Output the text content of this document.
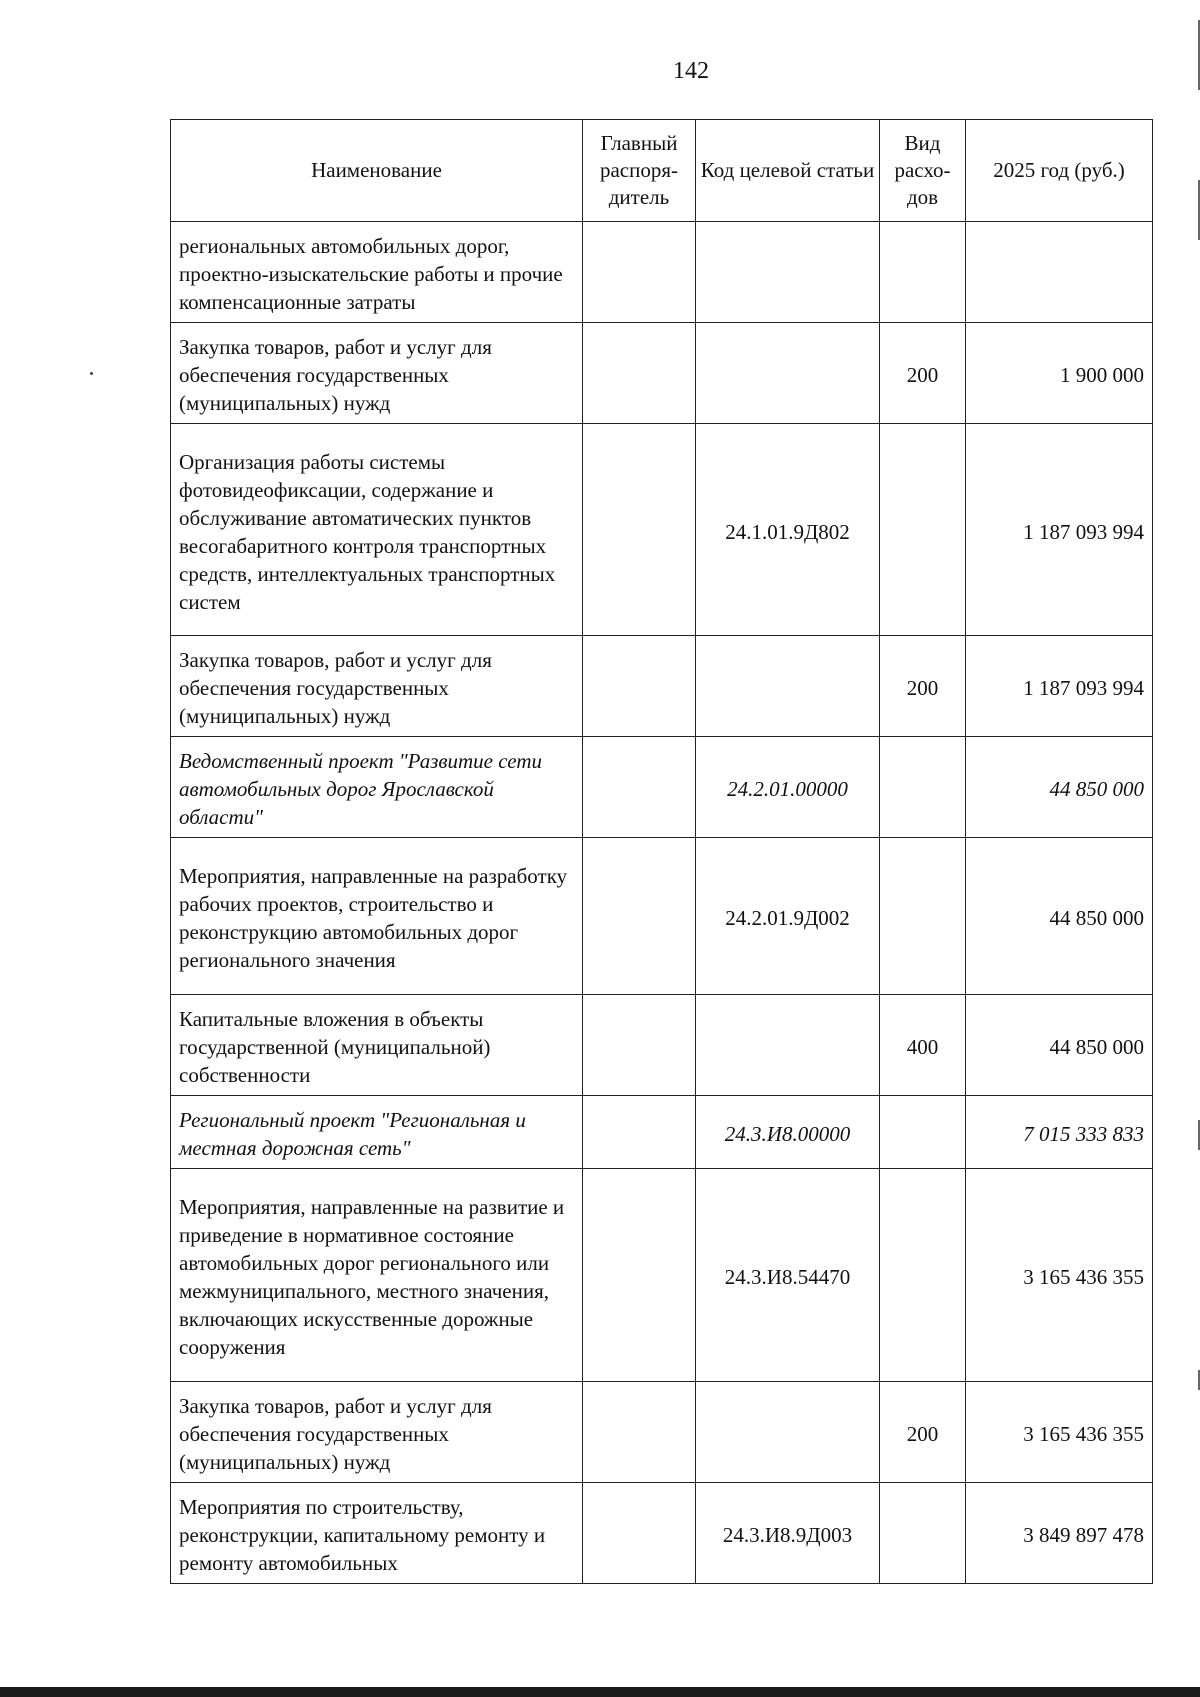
142
Наименование	Главный распоря-дитель	Код целевой статьи	Вид расхо-дов	2025 год (руб.)
региональных автомобильных дорог, проектно-изыскательские работы и прочие компенсационные затраты				
Закупка товаров, работ и услуг для обеспечения государственных (муниципальных) нужд			200	1 900 000
Организация работы системы фотовидеофиксации, содержание и обслуживание автоматических пунктов весогабаритного контроля транспортных средств, интеллектуальных транспортных систем		24.1.01.9Д802		1 187 093 994
Закупка товаров, работ и услуг для обеспечения государственных (муниципальных) нужд			200	1 187 093 994
Ведомственный проект "Развитие сети автомобильных дорог Ярославской области"		24.2.01.00000		44 850 000
Мероприятия, направленные на разработку рабочих проектов, строительство и реконструкцию автомобильных дорог регионального значения		24.2.01.9Д002		44 850 000
Капитальные вложения в объекты государственной (муниципальной) собственности			400	44 850 000
Региональный проект "Региональная и местная дорожная сеть"		24.3.И8.00000		7 015 333 833
Мероприятия, направленные на развитие и приведение в нормативное состояние автомобильных дорог регионального или межмуниципального, местного значения, включающих искусственные дорожные сооружения		24.3.И8.54470		3 165 436 355
Закупка товаров, работ и услуг для обеспечения государственных (муниципальных) нужд			200	3 165 436 355
Мероприятия по строительству, реконструкции, капитальному ремонту и ремонту автомобильных		24.3.И8.9Д003		3 849 897 478
